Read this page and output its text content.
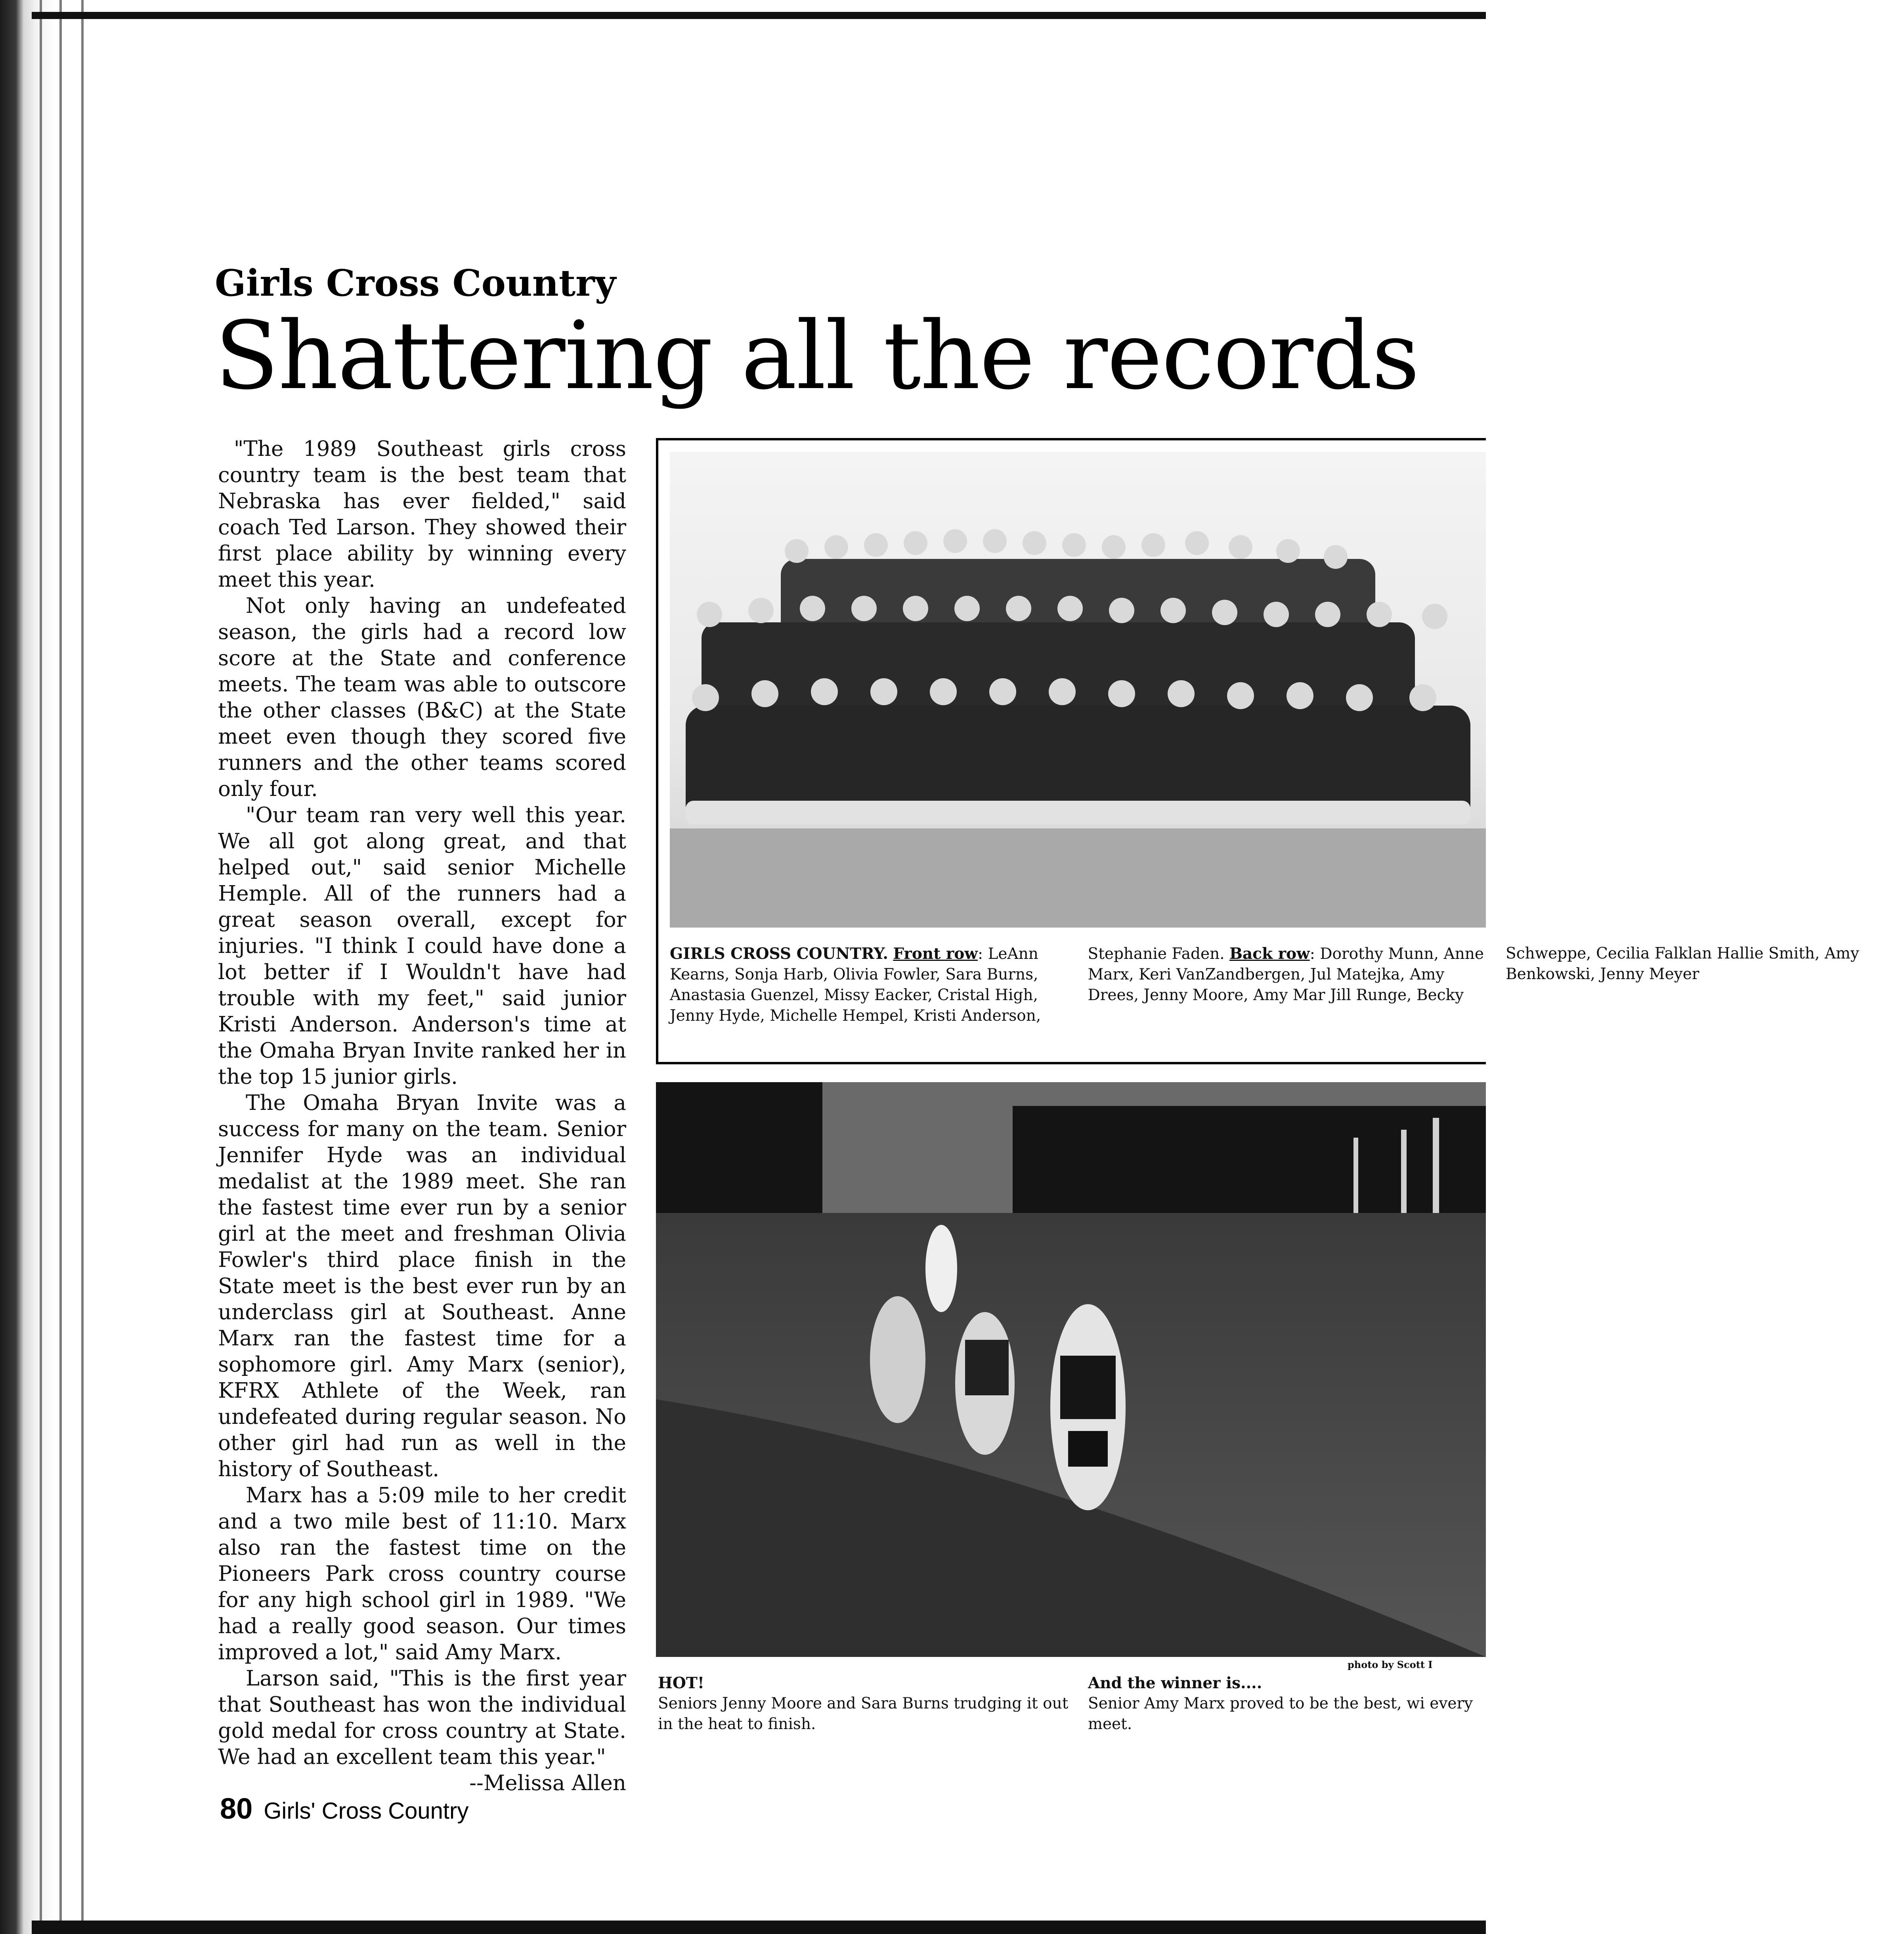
Girls Cross Country
Shattering all the records

"The 1989 Southeast girls cross country team is the best team that Nebraska has ever fielded," said coach Ted Larson. They showed their first place ability by winning every meet this year.

Not only having an undefeated season, the girls had a record low score at the State and conference meets. The team was able to outscore the other classes (B&C) at the State meet even though they scored five runners and the other teams scored only four.

"Our team ran very well this year. We all got along great, and that helped out," said senior Michelle Hemple. All of the runners had a great season overall, except for injuries. "I think I could have done a lot better if I Wouldn't have had trouble with my feet," said junior Kristi Anderson. Anderson's time at the Omaha Bryan Invite ranked her in the top 15 junior girls.

The Omaha Bryan Invite was a success for many on the team. Senior Jennifer Hyde was an individual medalist at the 1989 meet. She ran the fastest time ever run by a senior girl at the meet and freshman Olivia Fowler's third place finish in the State meet is the best ever run by an underclass girl at Southeast. Anne Marx ran the fastest time for a sophomore girl. Amy Marx (senior), KFRX Athlete of the Week, ran undefeated during regular season. No other girl had run as well in the history of Southeast.

Marx has a 5:09 mile to her credit and a two mile best of 11:10. Marx also ran the fastest time on the Pioneers Park cross country course for any high school girl in 1989. "We had a really good season. Our times improved a lot," said Amy Marx.

Larson said, "This is the first year that Southeast has won the individual gold medal for cross country at State. We had an excellent team this year."

--Melissa Allen

GIRLS CROSS COUNTRY. Front row: LeAnn Kearns, Sonja Harb, Olivia Fowler, Sara Burns, Anastasia Guenzel, Missy Eacker, Cristal High, Jenny Hyde, Michelle Hempel, Kristi Anderson, Stephanie Faden. Back row: Dorothy Munn, Anne Marx, Keri VanZandbergen, Jul Matejka, Amy Drees, Jenny Moore, Amy Mar Jill Runge, Becky Schweppe, Cecilia Falklan Hallie Smith, Amy Benkowski, Jenny Meyer
photo by Scott I
HOT!
Seniors Jenny Moore and Sara Burns trudging it out in the heat to finish.
And the winner is....
Senior Amy Marx proved to be the best, wi every meet.
80 Girls' Cross Country
